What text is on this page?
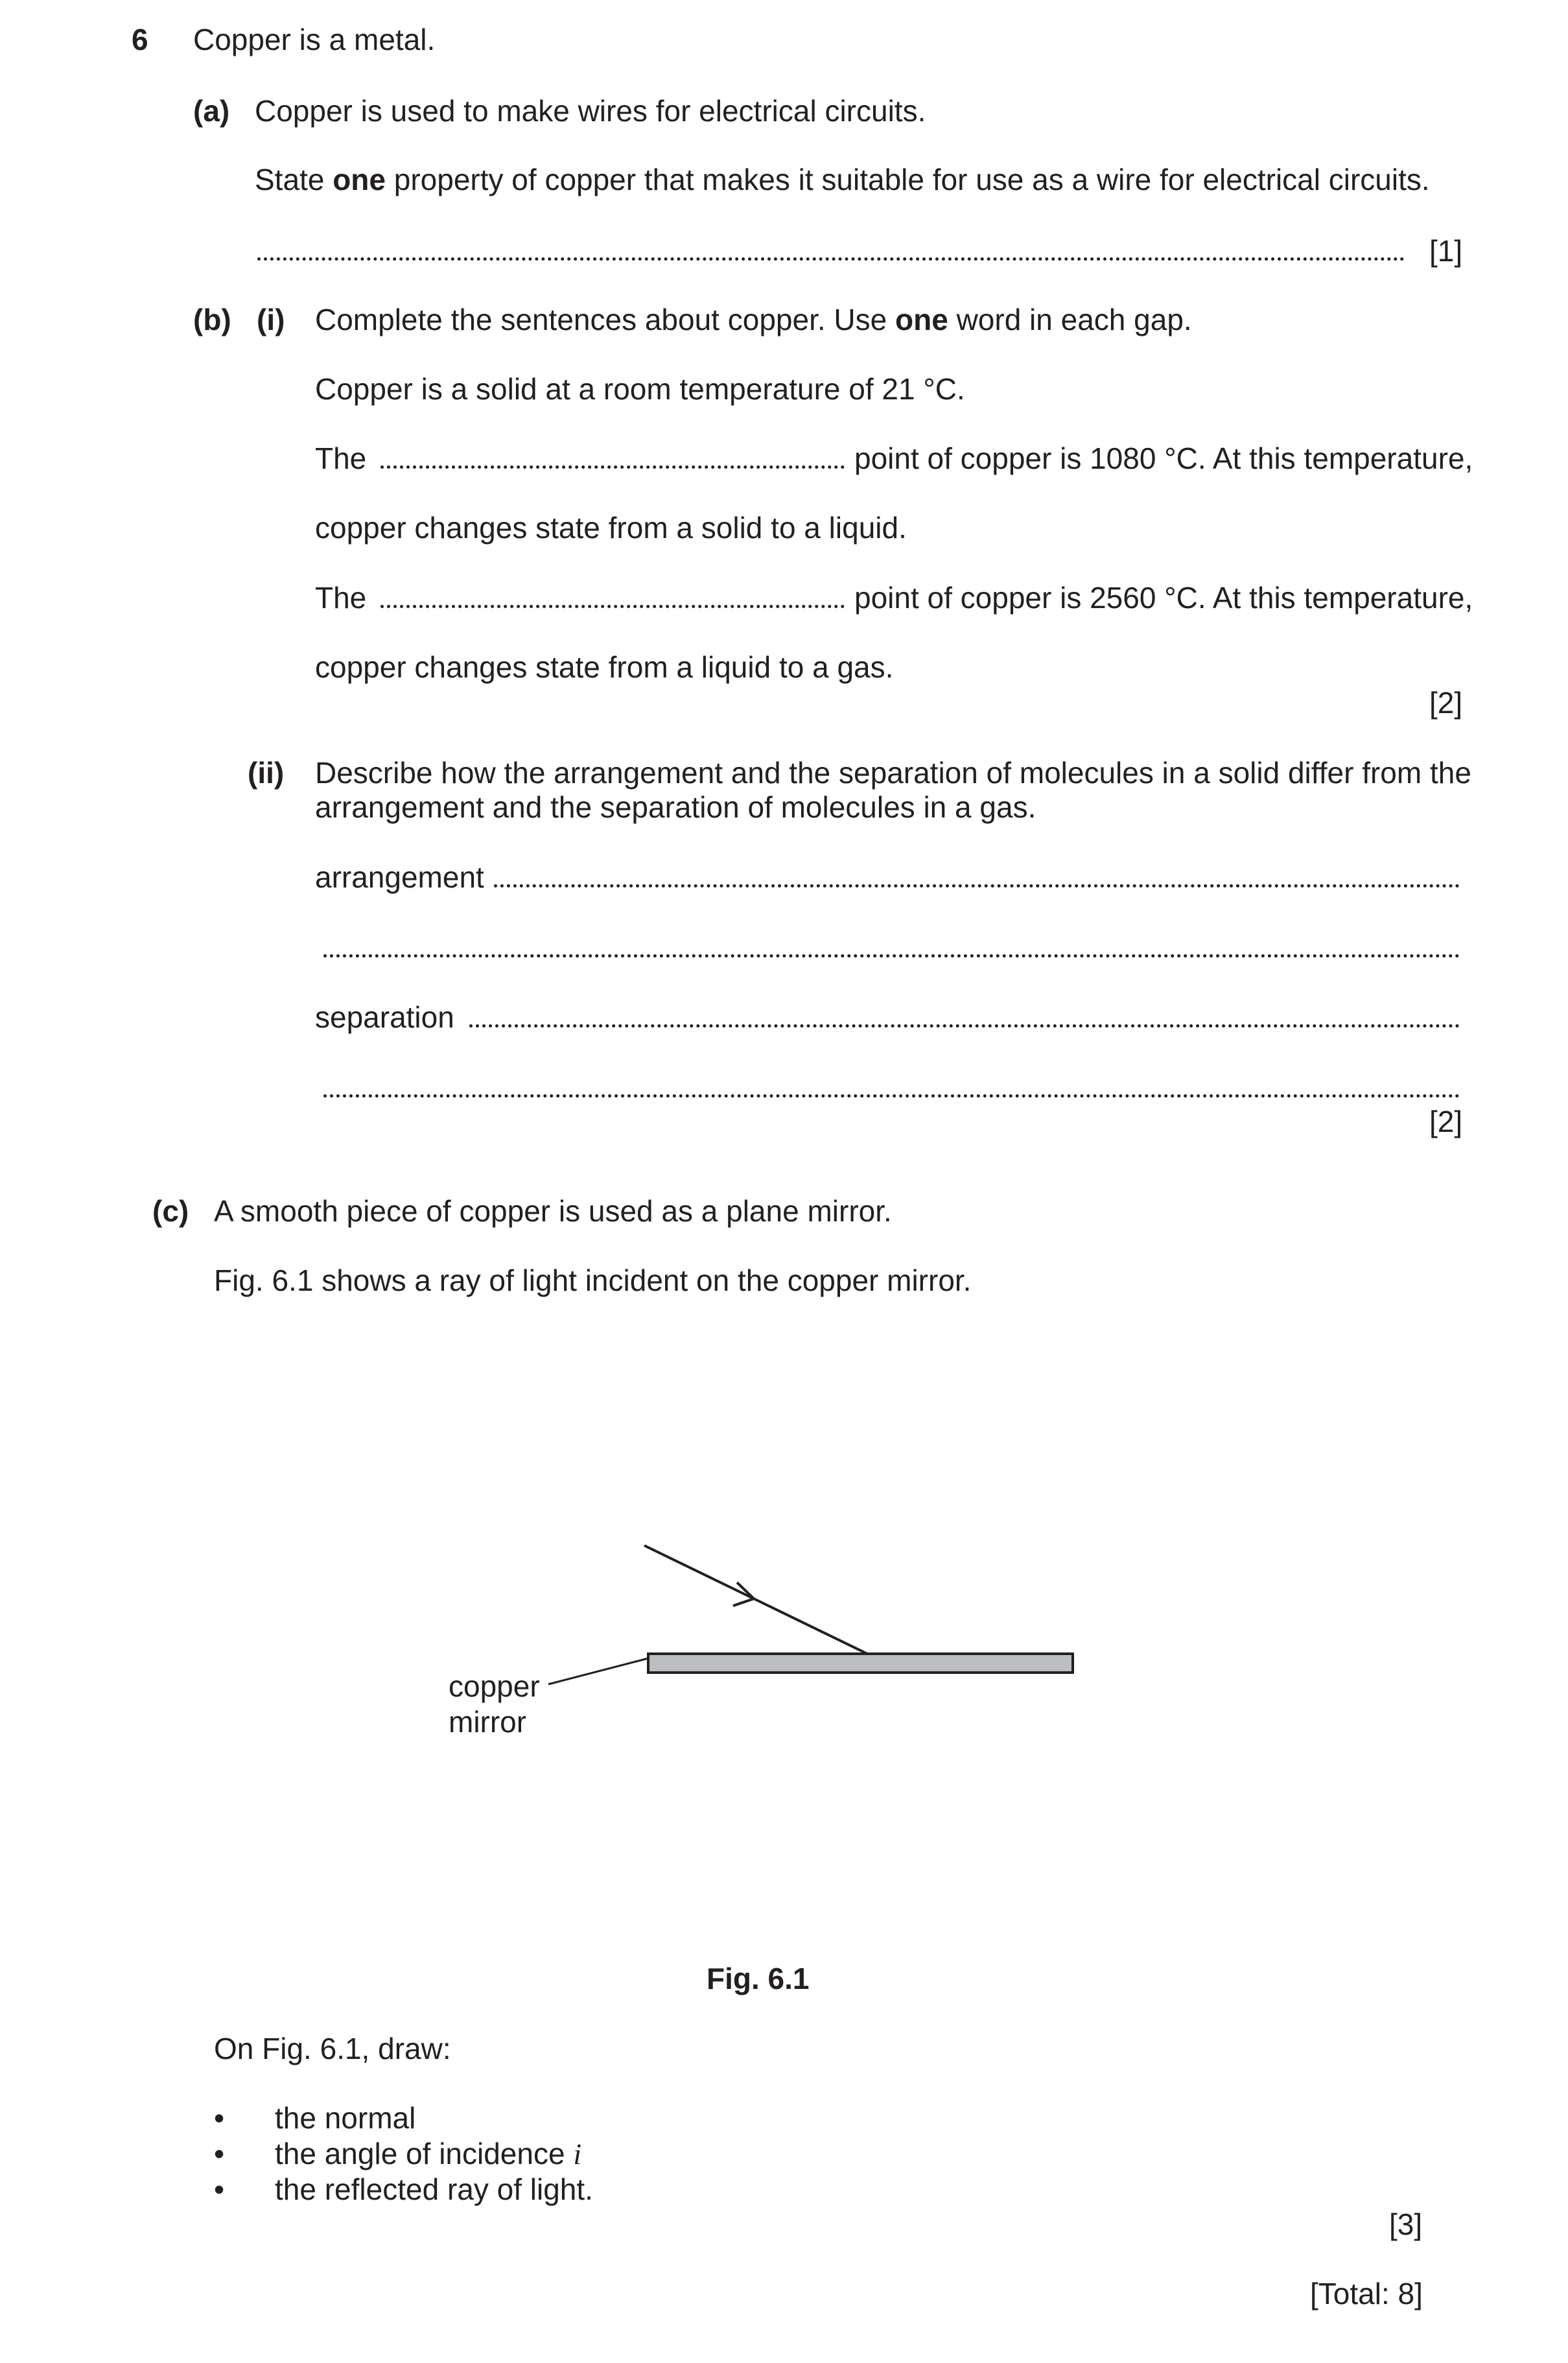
6 Copper is a metal.
(a) Copper is used to make wires for electrical circuits.
State one property of copper that makes it suitable for use as a wire for electrical circuits.
[1]
(b) (i) Complete the sentences about copper. Use one word in each gap.
Copper is a solid at a room temperature of 21 °C.
The	point of copper is 1080 °C. At this temperature,
copper changes state from a solid to a liquid.
The	point of copper is 2560 °C. At this temperature,
copper changes state from a liquid to a gas.
[2]
(ii) Describe how the arrangement and the separation of molecules in a solid differ from the
arrangement and the separation of molecules in a gas.
arrangement
separation
[2]
(c) A smooth piece of copper is used as a plane mirror.
Fig. 6.1 shows a ray of light incident on the copper mirror.
copper
mirror
Fig. 6.1
On Fig. 6.1, draw:
• the normal
• the angle of incidence i
• the reflected ray of light.
[3]
[Total: 8]
